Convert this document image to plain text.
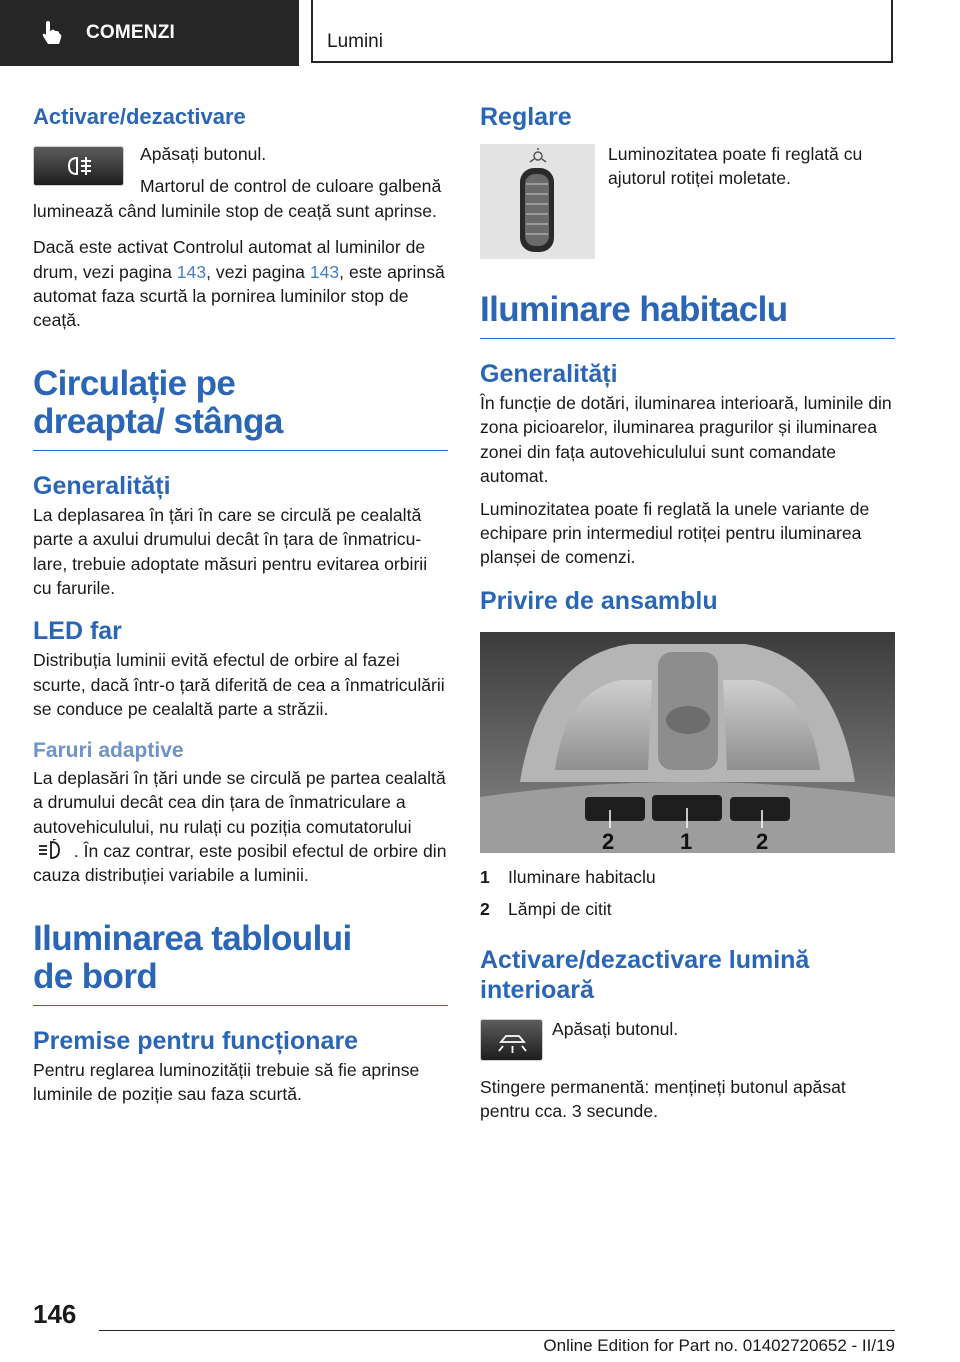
COMENZI	Lumini
Activare/dezactivare

Apăsați butonul.

Martorul de control de culoare galbenă luminează când luminile stop de ceață sunt aprinse.

Dacă este activat Controlul automat al luminilor de drum, vezi pagina 143, vezi pagina 143, este aprinsă automat faza scurtă la pornirea luminilor stop de ceață.

Circulație pe dreapta/ stânga
Generalități

La deplasarea în țări în care se circulă pe cealaltă parte a axului drumului decât în țara de înmatriculare, trebuie adoptate măsuri pentru evitarea orbirii cu farurile.

LED far

Distribuția luminii evită efectul de orbire al fazei scurte, dacă într-o țară diferită de cea a înmatriculării se conduce pe cealaltă parte a străzii.

Faruri adaptive

La deplasări în țări unde se circulă pe partea cealaltă a drumului decât cea din țara de înmatriculare a autovehiculului, nu rulați cu poziția comutatorului  . În caz contrar, este posibil efectul de orbire din cauza distribuției variabile a luminii.

Iluminarea tabloului de bord
Premise pentru funcționare

Pentru reglarea luminozității trebuie să fie aprinse luminile de poziție sau faza scurtă.

Reglare

Luminozitatea poate fi reglată cu ajutorul rotiței moletate.

Iluminare habitaclu
Generalități

În funcție de dotări, iluminarea interioară, luminile din zona picioarelor, iluminarea pragurilor și iluminarea zonei din fața autovehiculului sunt comandate automat.

Luminozitatea poate fi reglată la unele variante de echipare prin intermediul rotiței pentru iluminarea planșei de comenzi.

Privire de ansamblu
2	1	2
1	Iluminare habitaclu
2	Lămpi de citit
Activare/dezactivare lumină interioară

Apăsați butonul.

Stingere permanentă: mențineți butonul apăsat pentru cca. 3 secunde.

146
Online Edition for Part no. 01402720652 - II/19
